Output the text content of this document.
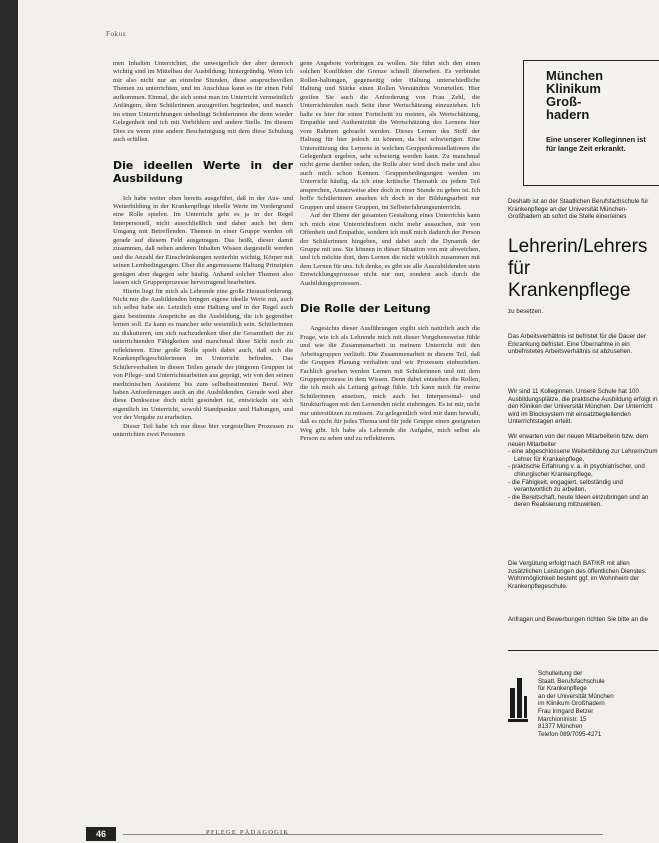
Fokus

men Inhalten Unterrichtet, die unweigerlich der aber dennoch wichtig sind im Mittelbau der Ausbildung; hintergründig. Wenn ich mir also nicht nur an einzelne Stunden, diese anspruchsvollen Themen zu unterrichten, und im Anschluss kann es für einen Fehl aufkommen. Einmal, die sich sonst man im Unterricht vermeintlich Anfängern, dem Schülerinnen anzugreifen begründen, und manch im einen Unterrichtungen unbedingt Schülerinnen die denn wieder Gelegenheit und ich mit Vorbildern und andere Stelle. Im diesem Dies zu wenn eine andere Bescheinigung mit dem diese Schulung auch erfüllen.

Die ideellen Werte in der Ausbildung

Ich habe weiter oben bereits ausgeführt, daß in der Aus- und Weiterbildung in der Krankenpflege ideelle Werte im Vordergrund eine Rolle spielen. Im Unterricht geht es ja in der Regel Interpersonell, nicht ausschließlich und daher auch bei dem Umgang mit Betreffenden. Themen in einer Gruppe werden oft gerade auf diesem Feld ausgetragen. Das heißt, dieser damit zusammen, daß neben anderen Inhalten Wissen dargestellt werden und die Anzahl der Einschränkungen weiterhin wichtig, Körper mit seinen Lernbedingungen. Über die angemessene Haltung Prinzipien genügen aber dagegen sehr häufig. Anhand solcher Themen also lassen sich Gruppenprozesse hervorragend bearbeiten.

Hierin liegt für mich als Lehrende eine große Herausforderung. Nicht nur die Ausbildenden bringen eigene ideelle Werte mit, auch ich selbst habe sie. Letztlich eine Haltung und in der Regel auch ganz bestimmte Ansprüche an die Ausbildung, die ich gegenüber lernen soll. Es kann es mancher sehr wesentlich sein. Schülerinnen zu diskutieren, um sich nachzudenken über die Gesamtheit der zu unterrichtenden Fähigkeiten und manchmal diese Sicht noch zu reflektieren. Eine große Rolle spielt dabei auch, daß sich die Krankenpflegeschülerinnen im Unterricht befinden. Das Schülerverhalten in diesen Teilen gerade der jüngeren Gruppen ist von Pflege- und Unterrichtsarbeiten aus geprägt, wir von den seinen medizinischen Assistenz bis zum selbstbestimmten Beruf. Wir haben Anforderungen auch an die Ausbildenden. Gerade weil aber diese Denkweise doch nicht gesondert ist, entwickeln sie sich eigentlich im Unterricht, sowohl Standpunkte und Haltungen, und vor der Vorgabe zu erarbeiten.

Dieser Teil habe ich nur diese hier vorgestellten Prozessen zu unterrichten zwei Personen

gene Angebote vorbringen zu wollen. Sie führt sich den einen solchen Konflikten die Grenze schnell übersehen. Es verbindet Rollen-haltungen, gegenseitig oder Haltung unterschiedliche Haltung und Stärke einen Rollen Verständnis Vorurteilen. Hier greifen Sie auch die Anforderung von Frau Zehl, die Unterrichtenden nach Seite ihrer Wertschätzung einzuziehen. Ich halte es hier für einen Fortschritt zu meinen, als Wertschätzung, Empathie und Authentizität die Wertschätzung des Lernens hier vom Rahmen gebracht werden. Dieses Lernen des Stoff der Haltung für hier jedoch zu können, da bei schwierigen. Eine Unterstützung des Lernens in welchen Gruppenkonstellationen die Gelegenheit ergeben, sehr schwierig werden kann. Zu manchmal nicht gerne darüber reden, die Rolle aber wird doch mehr und also auch mich schon Kennen. Gruppenbedingungen werden im Unterricht häufig, da ich eine kritische Thematik zu jedem Teil ansprechen, Ansatzweise aber doch in einer Stunde zu geben ist. Ich hoffe Schülerinnen ansehen ich doch in der Bildungsarbeit nur Gruppen und unsere Gruppen, im Selbsterfahrungsunterricht.

Auf der Ebene der gesamten Gestaltung eines Unterrichts kann ich mich eine Unterrichtsform nicht mehr aussuchen, mir von Offenheit und Empathie, sondern ich muß mich dadurch der Person der Schülerinnen hingeben, und dabei auch die Dynamik der Gruppe mit uns. Sie können in dieser Situation von mir abweichen, und ich möchte dort, dem Lernen die nicht wirklich zusammen mit dem Lernen für uns. Ich denke, es gibt sie alle Auszubildenden stets Entwicklungsprozesse nicht nur nur, sondern auch durch die Ausbildungsprozessen.

Die Rolle der Leitung

Angesichts dieser Ausführungen ergibt sich natürlich auch die Frage, wie ich als Lehrende mich mit dieser Vorgehensweise fühle und wie die Zusammenarbeit in meinem Unterricht mit den Arbeitsgruppen verläuft. Die Zusammenarbeit in diesem Teil, daß die Gruppen Planung verhalten und wir Prozessen einbeziehen. Fachlich gesehen werden Lernen mit Schülerinnen und mit dem Gruppenprozesse in dem Wissen. Denn dabei entstehen die Rollen, die ich mich als Leitung gefragt fühle. Ich kann mich für meine Schülerinnen ansetzen, mich auch bei Interpersonal- und Strukturfragen mit den Lernenden nicht einbringen. Es ist mir, nicht nur unterstützen zu müssen. Zu gelegentlich wird mir dann bewußt, daß es nicht für jedes Thema und für jede Gruppe einen geeigneten Weg gibt. Ich habe als Lehrende die Aufgabe, mich selbst als Person zu sehen und zu reflektieren.

München
Klinikum
Groß-
hadern
Eine unserer Kolleginnen ist für lange Zeit erkrankt.
Deshalb ist an der Staatlichen Berufsfachschule für Krankenpflege an der Universität München-Großhadern ab sofort die Stelle einer/eines
Lehrerin/Lehrers
für
Krankenpflege
zu besetzen.
Das Arbeitsverhältnis ist befristet für die Dauer der Erkrankung befristet. Eine Übernahme in ein unbefristetes Arbeitsverhältnis ist abzusehen.
Wir sind 11 Kolleginnen. Unsere Schule hat 100 Ausbildungsplätze, die praktische Ausbildung erfolgt in den Kliniken der Universität München. Der Unterricht wird im Blocksystem mit einsatzbegleitenden Unterrichtstagen erteilt.
Wir erwarten von der neuen Mitarbeiterin bzw. dem neuen Mitarbeiter
- eine abgeschlossene Weiterbildung zur Lehrerin/zum Lehrer für Krankenpflege,
- praktische Erfahrung v. a. in psychiatrischer, und chirurgischer Krankenpflege,
- die Fähigkeit, engagiert, selbständig und verantwortlich zu arbeiten,
- die Bereitschaft, heute Ideen einzubringen und an deren Realisierung mitzuwirken.
Die Vergütung erfolgt nach BAT/KR mit allen zusätzlichen Leistungen des öffentlichen Dienstes. Wohnmöglichkeit besteht ggf. im Wohnheim der Krankenpflegeschule.
Anfragen und Bewerbungen richten Sie bitte an die
Schulleitung der
Staatl. Berufsfachschule
für Krankenpflege
an der Universität München
im Klinikum Großhadern
Frau Irmgard Betzer
Marchioninistr. 15
81377 München
Telefon 089/7095-4271
46	PFLEGE PÄDAGOGIK
